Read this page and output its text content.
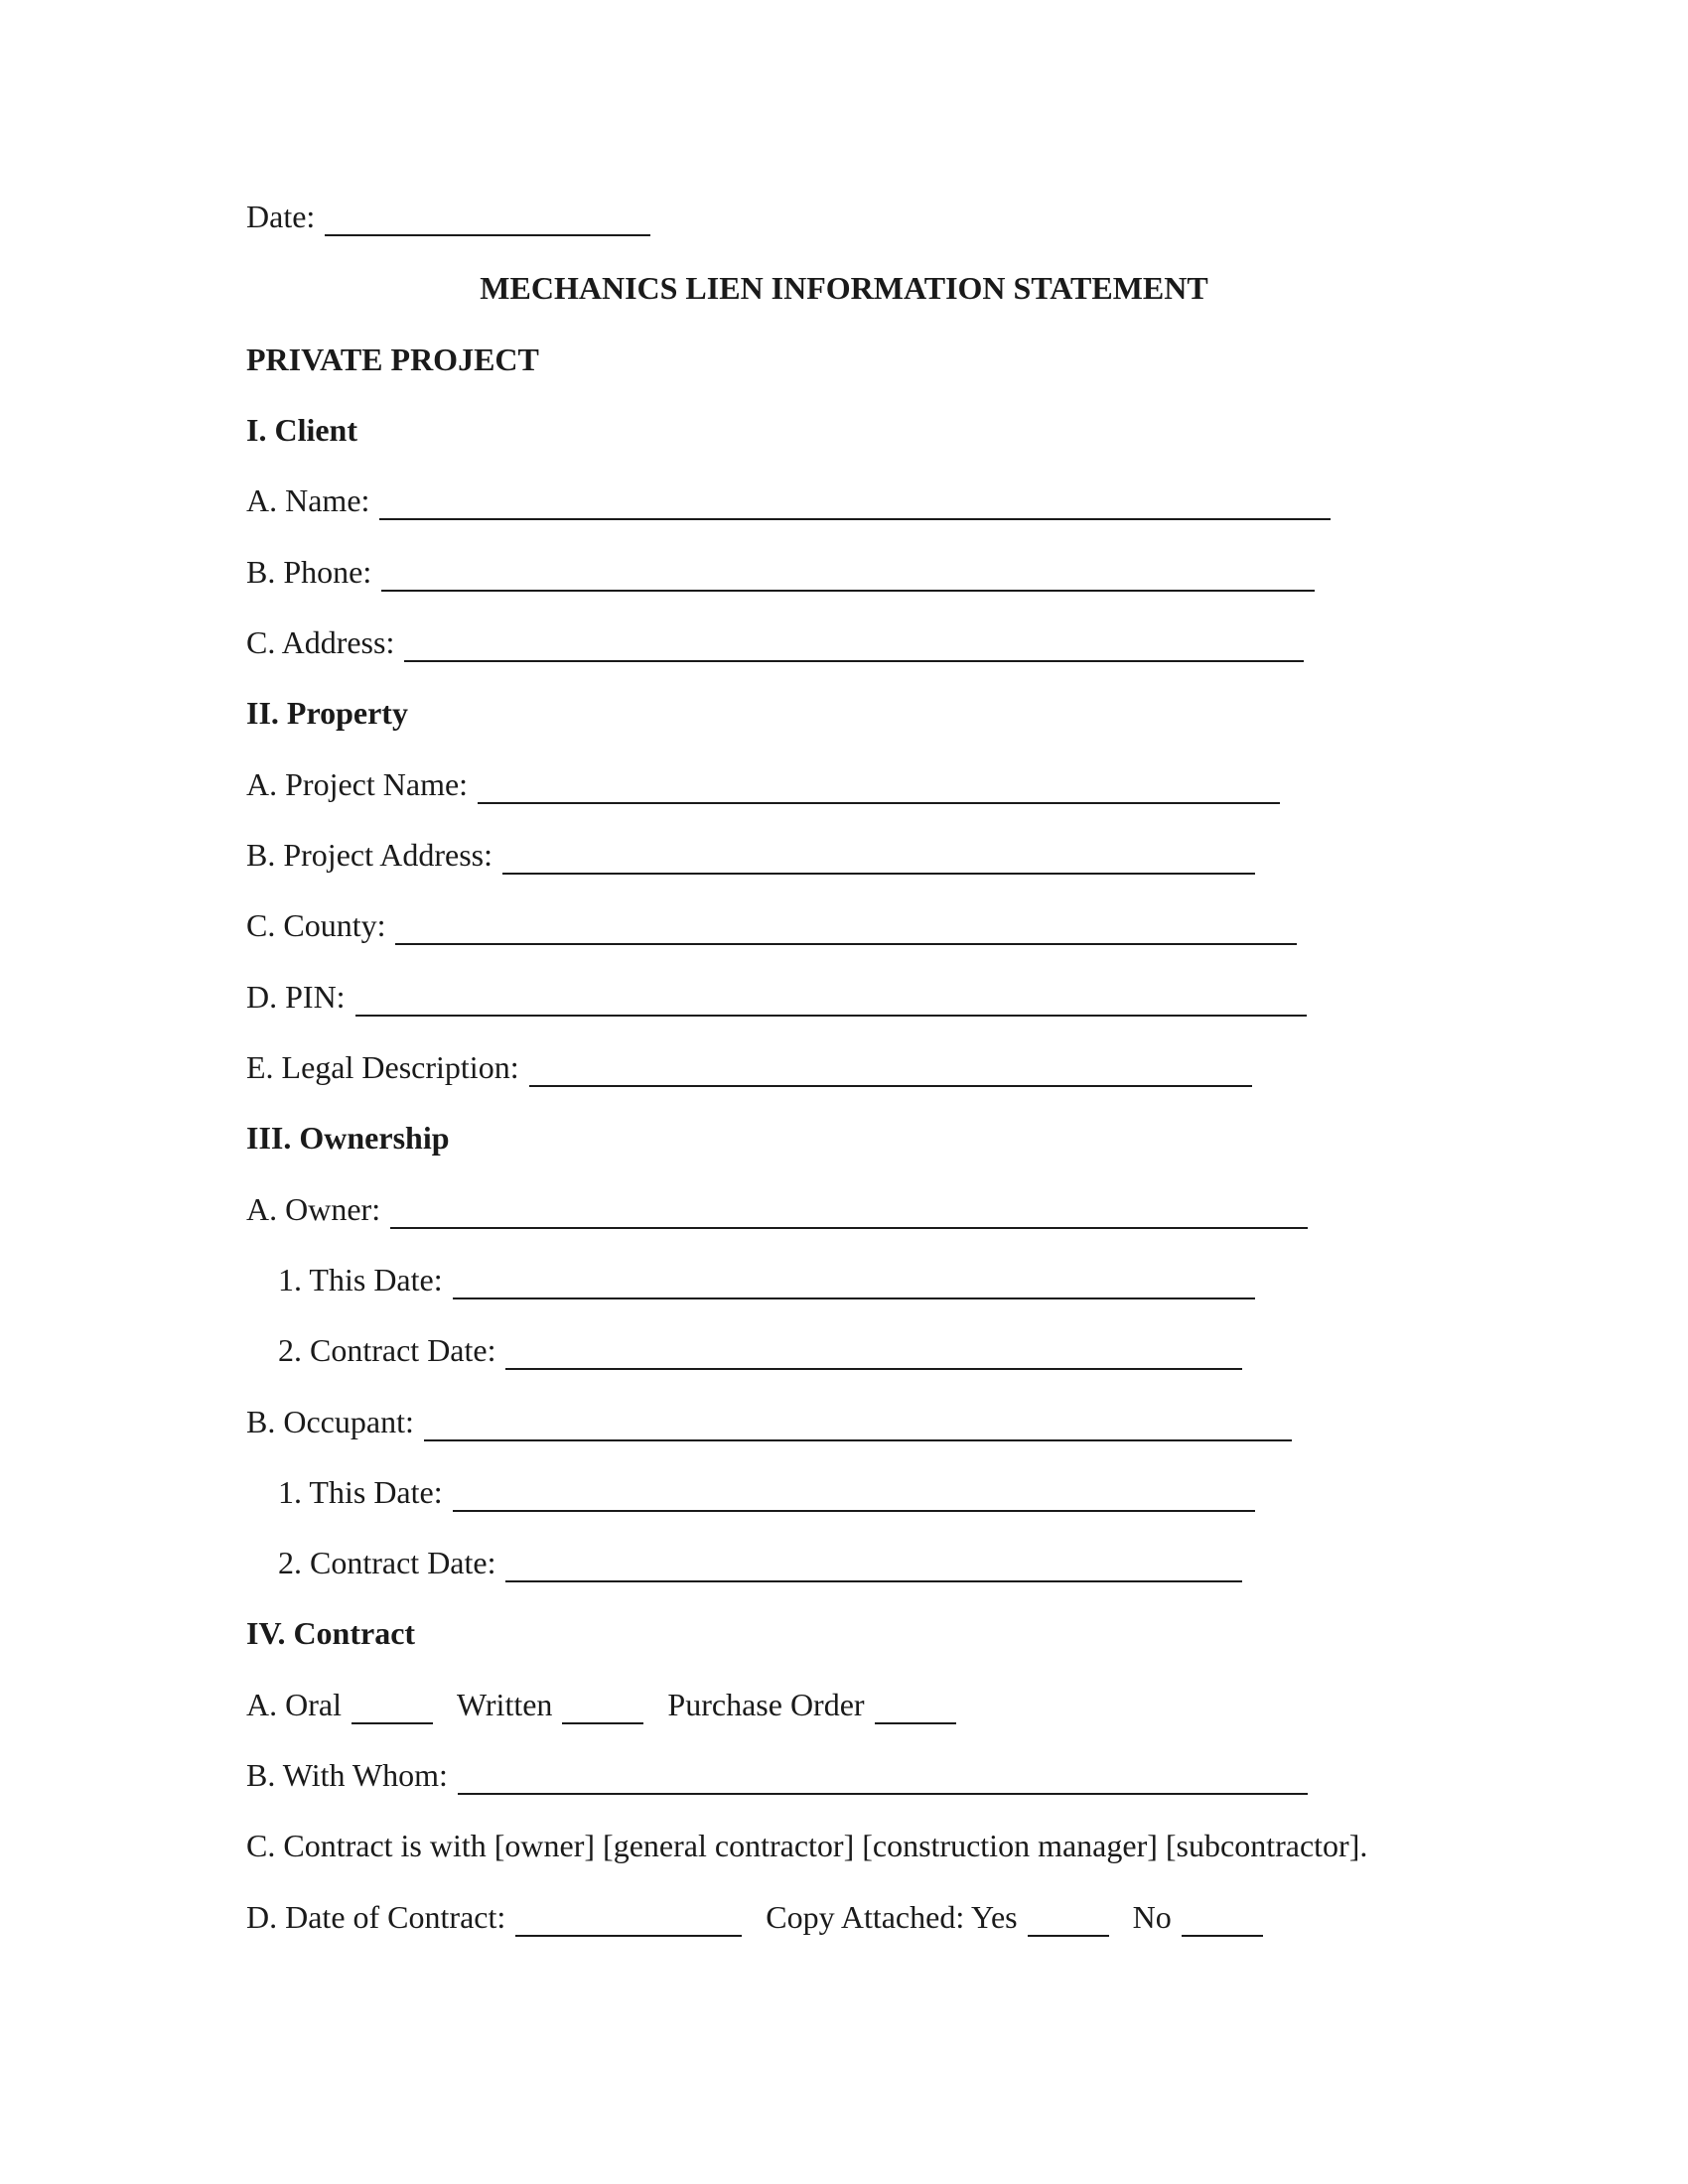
Date:
MECHANICS LIEN INFORMATION STATEMENT
PRIVATE PROJECT
I. Client
A. Name:
B. Phone:
C. Address:
II. Property
A. Project Name:
B. Project Address:
C. County:
D. PIN:
E. Legal Description:
III. Ownership
A. Owner:
1. This Date:
2. Contract Date:
B. Occupant:
1. This Date:
2. Contract Date:
IV. Contract
A. Oral	Written	Purchase Order
B. With Whom:
C. Contract is with [owner] [general contractor] [construction manager] [subcontractor].
D. Date of Contract:	Copy Attached: Yes	No
